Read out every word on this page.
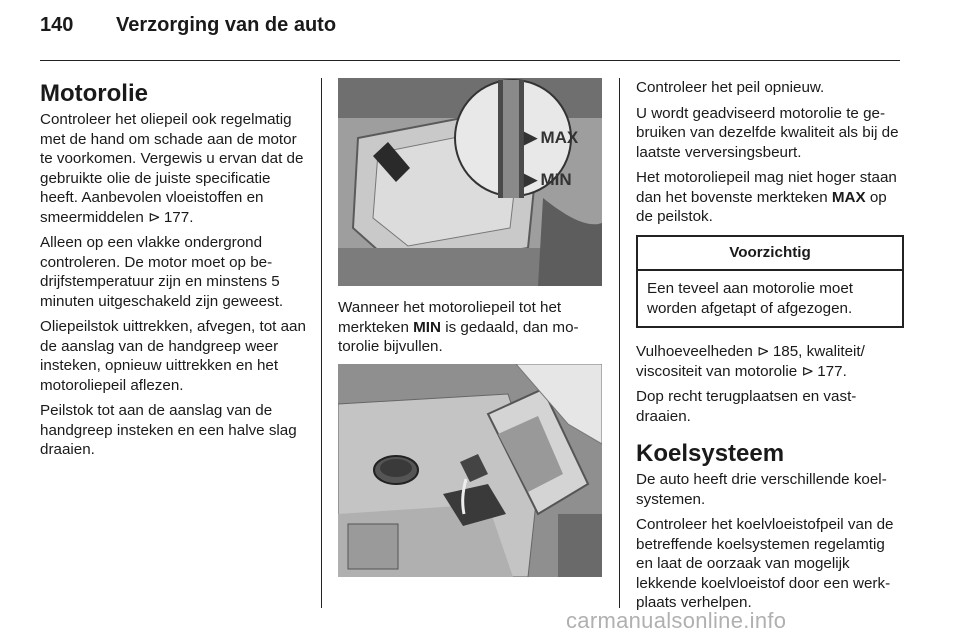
140 Verzorging van de auto
Motorolie

Controleer het oliepeil ook regelmatig met de hand om schade aan de motor te voorkomen. Vergewis u ervan dat de gebruikte olie de juiste specificatie heeft. Aanbevolen vloeistoffen en smeermiddelen ⊳ 177.

Alleen op een vlakke ondergrond controleren. De motor moet op bedrijfstemperatuur zijn en minstens 5 minuten uitgeschakeld zijn geweest.

Oliepeilstok uittrekken, afvegen, tot aan de aanslag van de handgreep weer insteken, opnieuw uittrekken en het motoroliepeil aflezen.

Peilstok tot aan de aanslag van de handgreep insteken en een halve slag draaien.

▶ MAX
▶ MIN

Wanneer het motoroliepeil tot het merkteken MIN is gedaald, dan motorolie bijvullen.

Controleer het peil opnieuw.

U wordt geadviseerd motorolie te gebruiken van dezelfde kwaliteit als bij de laatste verversingsbeurt.

Het motoroliepeil mag niet hoger staan dan het bovenste merkteken MAX op de peilstok.

Voorzichtig
Een teveel aan motorolie moet worden afgetapt of afgezogen.

Vulhoeveelheden ⊳ 185, kwaliteit/ viscositeit van motorolie ⊳ 177.

Dop recht terugplaatsen en vastdraaien.

Koelsysteem

De auto heeft drie verschillende koelsystemen.

Controleer het koelvloeistofpeil van de betreffende koelsystemen regelamtig en laat de oorzaak van mogelijk lekkende koelvloeistof door een werkplaats verhelpen.

carmanualsonline.info
